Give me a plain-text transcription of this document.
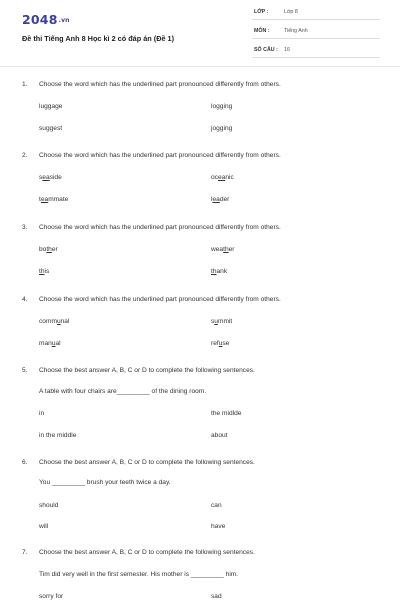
2048.vn
Đề thi Tiếng Anh 8 Học kì 2 có đáp án (Đề 1)
LỚP :	Lớp 8
MÔN :	Tiếng Anh
SỐ CÂU : 16
1. Choose the word which has the underlined part pronounced differently from others.
luggage	logging
suggest	jogging
2. Choose the word which has the underlined part pronounced differently from others.
seaside	oceanic
teammate	leader
3. Choose the word which has the underlined part pronounced differently from others.
bother	weather
this	thank
4. Choose the word which has the underlined part pronounced differently from others.
communal	summit
manual	refuse
5. Choose the best answer A, B, C or D to complete the following sentences.
A table with four chairs are_________ of the dining room.
in	the midlde
in the middle	about
6. Choose the best answer A, B, C or D to complete the following sentences.
You _________ brush your teeth twice a day.
should	can
will	have
7. Choose the best answer A, B, C or D to complete the following sentences.
Tim did very well in the first semester. His mother is _________ him.
sorry for	sad
